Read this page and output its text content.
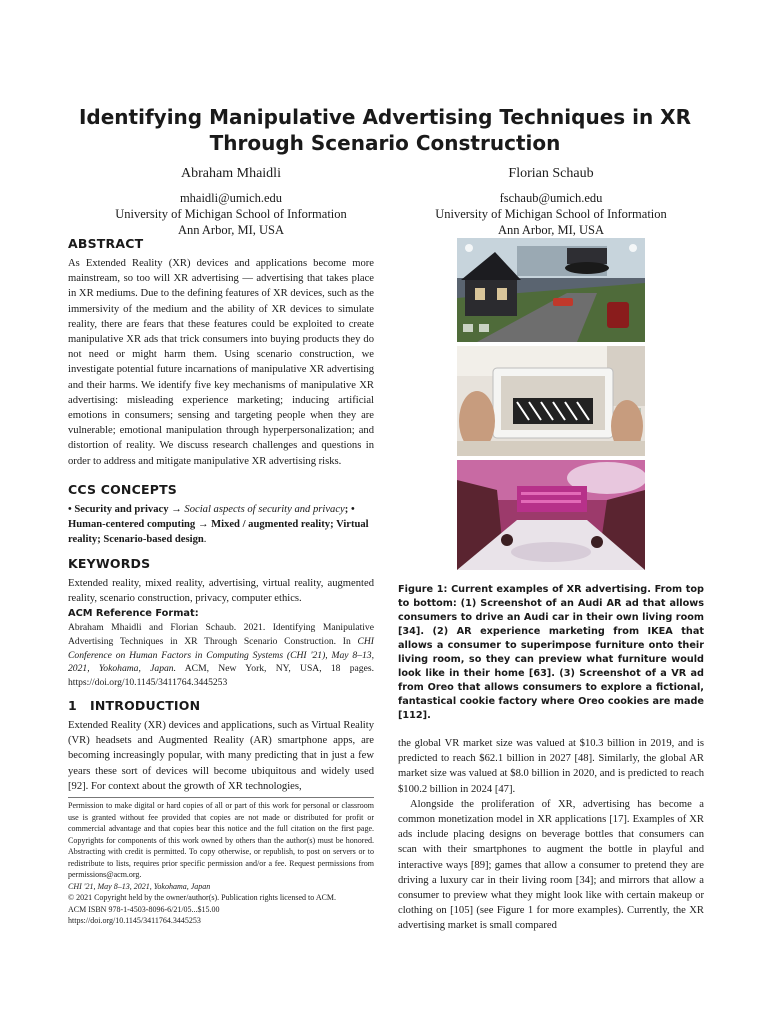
Identifying Manipulative Advertising Techniques in XR Through Scenario Construction
Abraham Mhaidli
mhaidli@umich.edu
University of Michigan School of Information
Ann Arbor, MI, USA
Florian Schaub
fschaub@umich.edu
University of Michigan School of Information
Ann Arbor, MI, USA
ABSTRACT

As Extended Reality (XR) devices and applications become more mainstream, so too will XR advertising — advertising that takes place in XR mediums. Due to the defining features of XR devices, such as the immersivity of the medium and the ability of XR devices to simulate reality, there are fears that these features could be exploited to create manipulative XR ads that trick consumers into buying products they do not need or might harm them. Using scenario construction, we investigate potential future incarnations of manipulative XR advertising and their harms. We identify five key mechanisms of manipulative XR advertising: misleading experience marketing; inducing artificial emotions in consumers; sensing and targeting people when they are vulnerable; emotional manipulation through hyperpersonalization; and distortion of reality. We discuss research challenges and questions in order to address and mitigate manipulative XR advertising risks.

CCS CONCEPTS

• Security and privacy → Social aspects of security and privacy; • Human-centered computing → Mixed / augmented reality; Virtual reality; Scenario-based design.

KEYWORDS

Extended reality, mixed reality, advertising, virtual reality, augmented reality, scenario construction, privacy, computer ethics.

ACM Reference Format:

Abraham Mhaidli and Florian Schaub. 2021. Identifying Manipulative Advertising Techniques in XR Through Scenario Construction. In CHI Conference on Human Factors in Computing Systems (CHI '21), May 8–13, 2021, Yokohama, Japan. ACM, New York, NY, USA, 18 pages. https://doi.org/10.1145/3411764.3445253

1 INTRODUCTION

Extended Reality (XR) devices and applications, such as Virtual Reality (VR) headsets and Augmented Reality (AR) smartphone apps, are becoming increasingly popular, with many predicting that in just a few years these sort of devices will become ubiquitous and widely used [92]. For context about the growth of XR technologies,

Permission to make digital or hard copies of all or part of this work for personal or classroom use is granted without fee provided that copies are not made or distributed for profit or commercial advantage and that copies bear this notice and the full citation on the first page. Copyrights for components of this work owned by others than the author(s) must be honored. Abstracting with credit is permitted. To copy otherwise, or republish, to post on servers or to redistribute to lists, requires prior specific permission and/or a fee. Request permissions from permissions@acm.org.

CHI '21, May 8–13, 2021, Yokohama, Japan

© 2021 Copyright held by the owner/author(s). Publication rights licensed to ACM.

ACM ISBN 978-1-4503-8096-6/21/05...$15.00

https://doi.org/10.1145/3411764.3445253

Figure 1: Current examples of XR advertising. From top to bottom: (1) Screenshot of an Audi AR ad that allows consumers to drive an Audi car in their own living room [34]. (2) AR experience marketing from IKEA that allows a consumer to superimpose furniture onto their living room, so they can preview what furniture would look like in their home [63]. (3) Screenshot of a VR ad from Oreo that allows consumers to explore a fictional, fantastical cookie factory where Oreo cookies are made [112].

the global VR market size was valued at $10.3 billion in 2019, and is predicted to reach $62.1 billion in 2027 [48]. Similarly, the global AR market size was valued at $8.0 billion in 2020, and is predicted to reach $100.2 billion in 2024 [47].

Alongside the proliferation of XR, advertising has become a common monetization model in XR applications [17]. Examples of XR ads include placing designs on beverage bottles that consumers can scan with their smartphones to augment the bottle in playful and interactive ways [89]; games that allow a consumer to pretend they are driving a luxury car in their living room [34]; and mirrors that allow a consumer to preview what they might look like with certain makeup or clothing on [105] (see Figure 1 for more examples). Currently, the XR advertising market is small compared
